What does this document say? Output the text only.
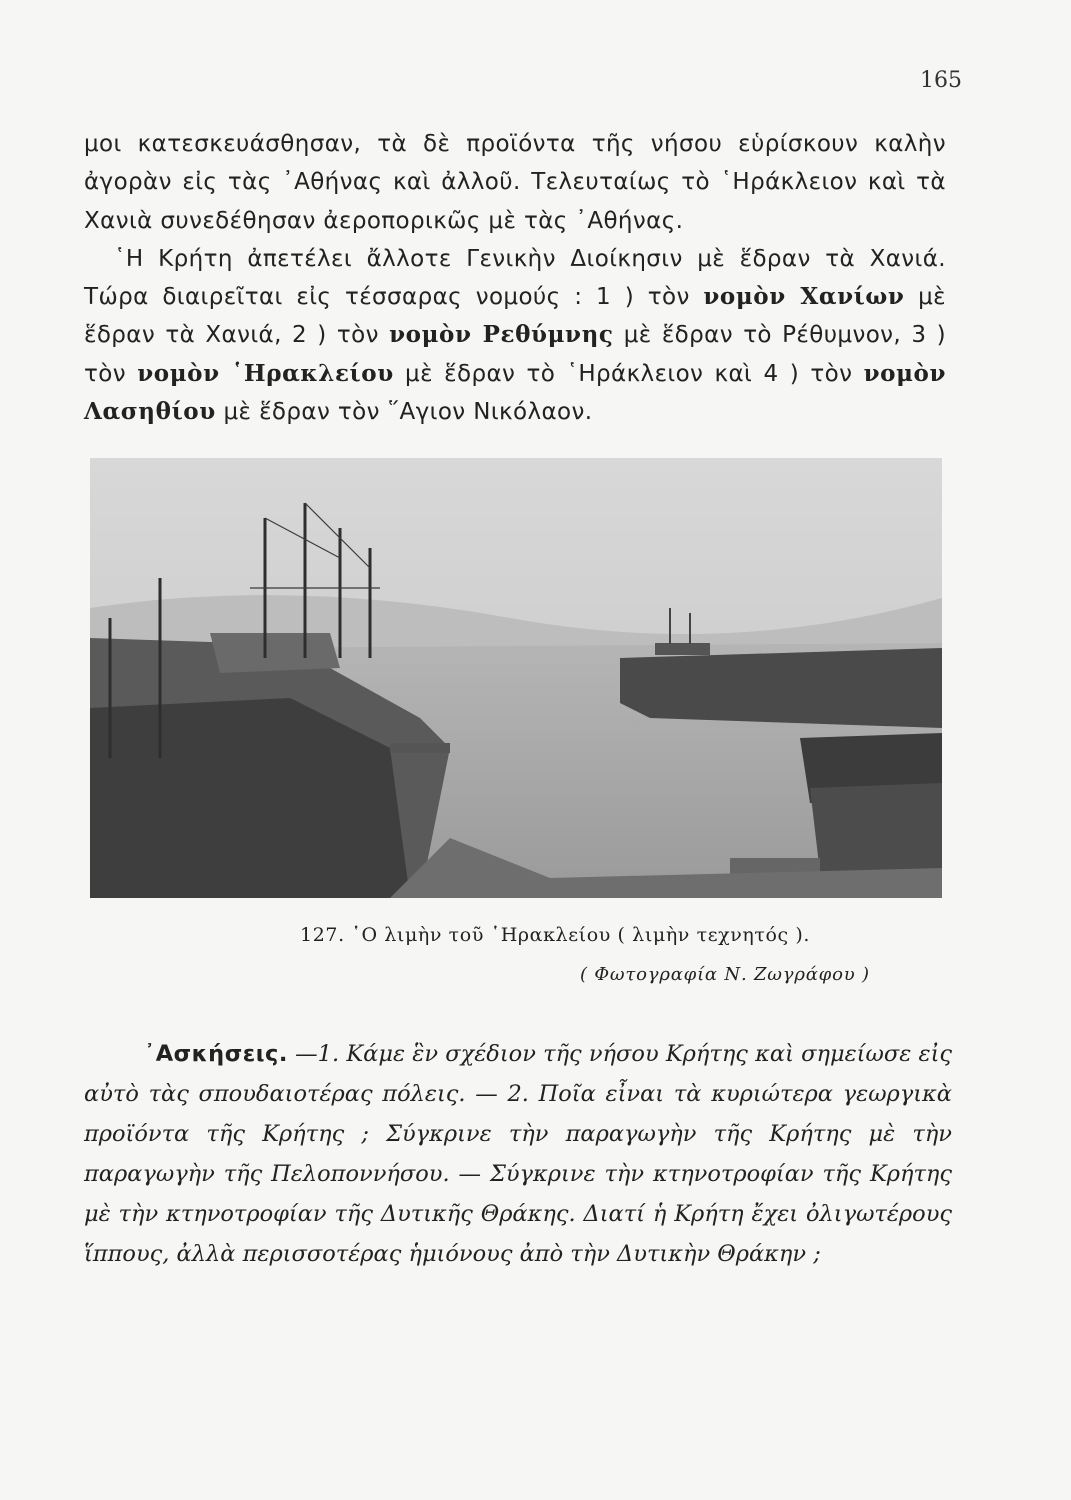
165

μοι κατεσκευάσθησαν, τὰ δὲ προϊόντα τῆς νήσου εὑρίσκουν καλὴν ἀγορὰν εἰς τὰς ᾿Αθήνας καὶ ἀλλοῦ. Τελευταίως τὸ ῾Ηράκλειον καὶ τὰ Χανιὰ συνεδέθησαν ἀεροπορικῶς μὲ τὰς ᾿Αθήνας.

῾Η Κρήτη ἀπετέλει ἄλλοτε Γενικὴν Διοίκησιν μὲ ἕδραν τὰ Χανιά. Τώρα διαιρεῖται εἰς τέσσαρας νομούς : 1 ) τὸν νομὸν Χανίων μὲ ἕδραν τὰ Χανιά, 2 ) τὸν νομὸν Ρεθύμνης μὲ ἕδραν τὸ Ρέθυμνον, 3 ) τὸν νομὸν ῾Ηρακλείου μὲ ἕδραν τὸ ῾Ηράκλειον καὶ 4 ) τὸν νομὸν Λασηθίου μὲ ἕδραν τὸν ῞Αγιον Νικόλαον.

127. ῾Ο λιμὴν τοῦ ῾Ηρακλείου ( λιμὴν τεχνητός ).
( Φωτογραφία Ν. Ζωγράφου )

᾿Ασκήσεις. —1. Κάμε ἓν σχέδιον τῆς νήσου Κρήτης καὶ σημείωσε εἰς αὐτὸ τὰς σπουδαιοτέρας πόλεις. — 2. Ποῖα εἶναι τὰ κυριώτερα γεωργικὰ προϊόντα τῆς Κρήτης ; Σύγκρινε τὴν παραγωγὴν τῆς Κρήτης μὲ τὴν παραγωγὴν τῆς Πελοποννήσου. — Σύγκρινε τὴν κτηνοτροφίαν τῆς Κρήτης μὲ τὴν κτηνοτροφίαν τῆς Δυτικῆς Θράκης. Διατί ἡ Κρήτη ἔχει ὀλιγωτέρους ἵππους, ἀλλὰ περισσοτέρας ἡμιόνους ἀπὸ τὴν Δυτικὴν Θράκην ;
